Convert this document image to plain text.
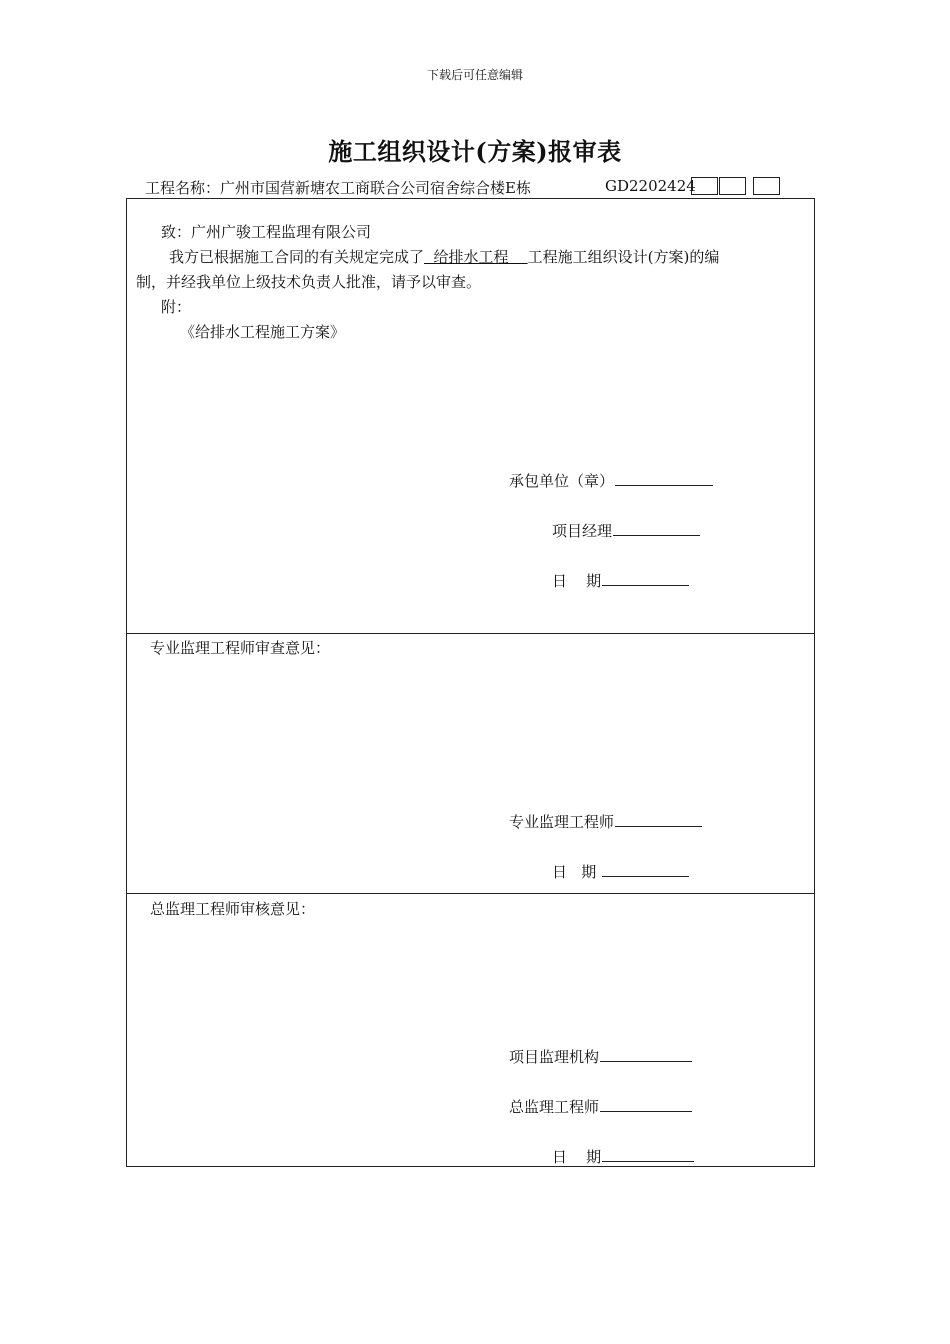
下载后可任意编辑
施工组织设计(方案)报审表
工程名称：广州市国营新塘农工商联合公司宿舍综合楼E栋	GD2202424
致：广州广骏工程监理有限公司
我方已根据施工合同的有关规定完成了  给排水工程    工程施工组织设计(方案)的编
制，并经我单位上级技术负责人批准，请予以审查。
附：
《给排水工程施工方案》
承包单位（章）
项目经理
日    期
专业监理工程师审查意见：
专业监理工程师
日   期
总监理工程师审核意见：
项目监理机构
总监理工程师
日    期
